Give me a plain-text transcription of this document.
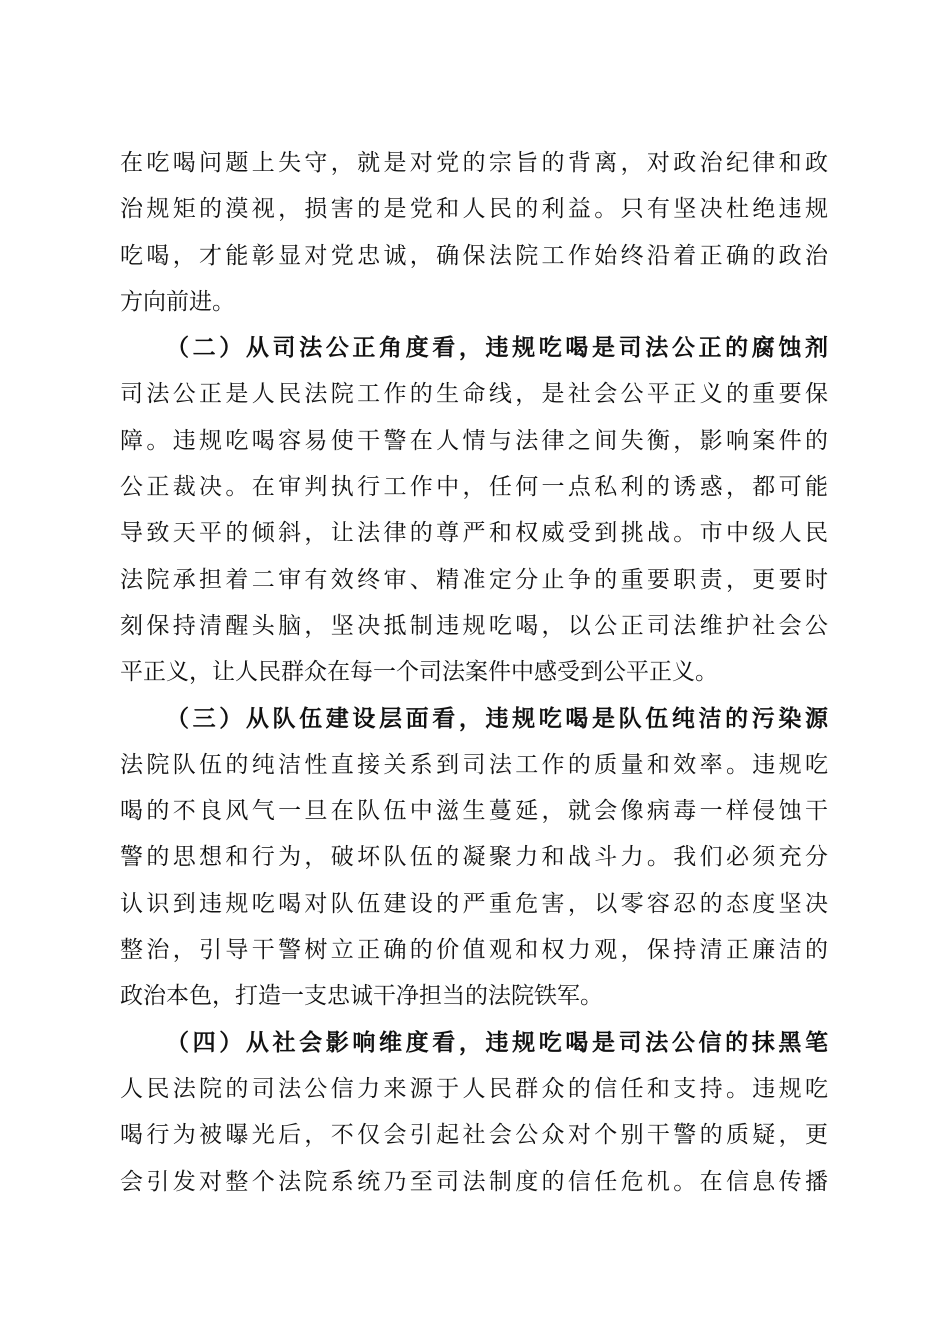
在吃喝问题上失守，就是对党的宗旨的背离，对政治纪律和政
治规矩的漠视，损害的是党和人民的利益。只有坚决杜绝违规
吃喝，才能彰显对党忠诚，确保法院工作始终沿着正确的政治
方向前进。
（二）从司法公正角度看，违规吃喝是司法公正的腐蚀剂
司法公正是人民法院工作的生命线，是社会公平正义的重要保
障。违规吃喝容易使干警在人情与法律之间失衡，影响案件的
公正裁决。在审判执行工作中，任何一点私利的诱惑，都可能
导致天平的倾斜，让法律的尊严和权威受到挑战。市中级人民
法院承担着二审有效终审、精准定分止争的重要职责，更要时
刻保持清醒头脑，坚决抵制违规吃喝，以公正司法维护社会公
平正义，让人民群众在每一个司法案件中感受到公平正义。
（三）从队伍建设层面看，违规吃喝是队伍纯洁的污染源
法院队伍的纯洁性直接关系到司法工作的质量和效率。违规吃
喝的不良风气一旦在队伍中滋生蔓延，就会像病毒一样侵蚀干
警的思想和行为，破坏队伍的凝聚力和战斗力。我们必须充分
认识到违规吃喝对队伍建设的严重危害，以零容忍的态度坚决
整治，引导干警树立正确的价值观和权力观，保持清正廉洁的
政治本色，打造一支忠诚干净担当的法院铁军。
（四）从社会影响维度看，违规吃喝是司法公信的抹黑笔
人民法院的司法公信力来源于人民群众的信任和支持。违规吃
喝行为被曝光后，不仅会引起社会公众对个别干警的质疑，更
会引发对整个法院系统乃至司法制度的信任危机。在信息传播
